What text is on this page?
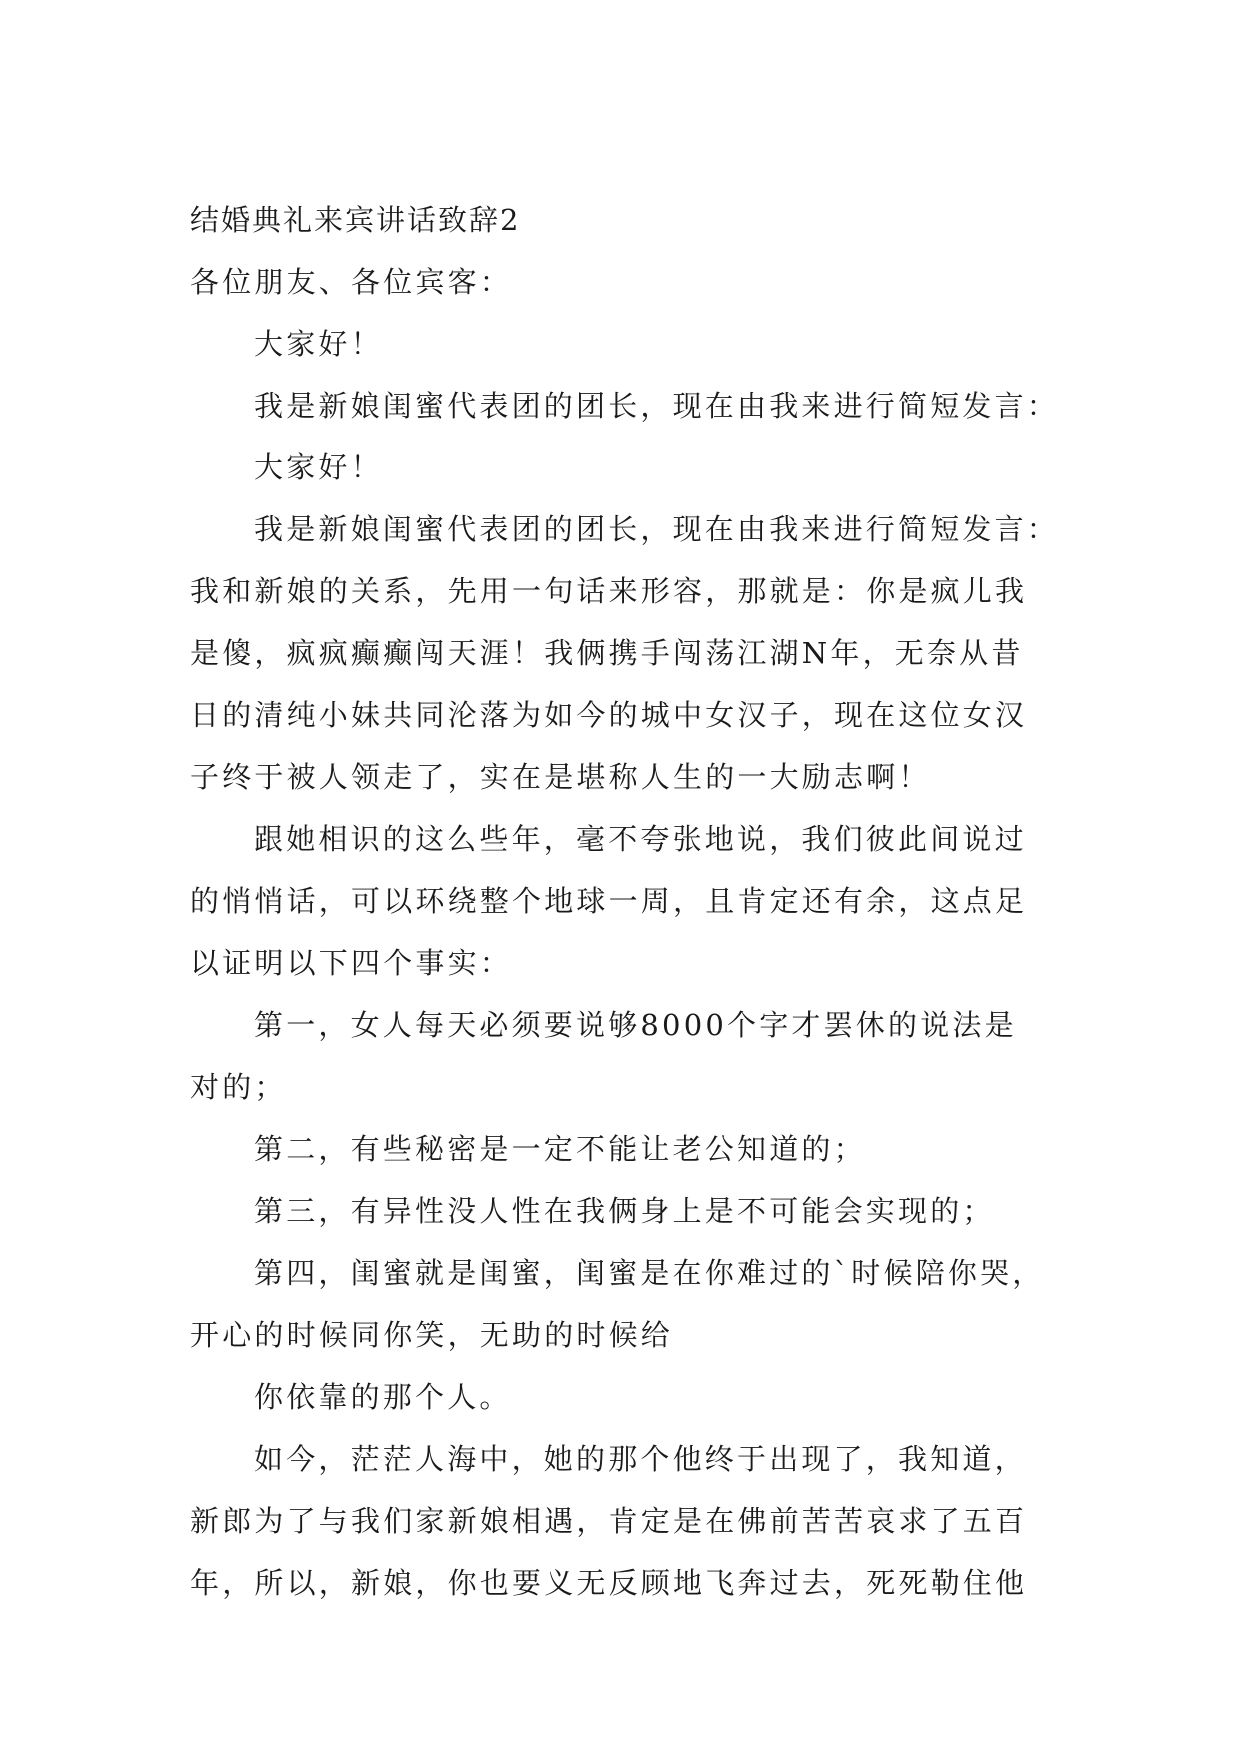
结婚典礼来宾讲话致辞2
各位朋友、各位宾客：
大家好！
我是新娘闺蜜代表团的团长，现在由我来进行简短发言：
大家好！
我是新娘闺蜜代表团的团长，现在由我来进行简短发言：
我和新娘的关系，先用一句话来形容，那就是：你是疯儿我
是傻，疯疯癫癫闯天涯！我俩携手闯荡江湖N年，无奈从昔
日的清纯小妹共同沦落为如今的城中女汉子，现在这位女汉
子终于被人领走了，实在是堪称人生的一大励志啊！
跟她相识的这么些年，毫不夸张地说，我们彼此间说过
的悄悄话，可以环绕整个地球一周，且肯定还有余，这点足
以证明以下四个事实：
第一，女人每天必须要说够8000个字才罢休的说法是
对的；
第二，有些秘密是一定不能让老公知道的；
第三，有异性没人性在我俩身上是不可能会实现的；
第四，闺蜜就是闺蜜，闺蜜是在你难过的`时候陪你哭，
开心的时候同你笑，无助的时候给
你依靠的那个人。
如今，茫茫人海中，她的那个他终于出现了，我知道，
新郎为了与我们家新娘相遇，肯定是在佛前苦苦哀求了五百
年，所以，新娘，你也要义无反顾地飞奔过去，死死勒住他
